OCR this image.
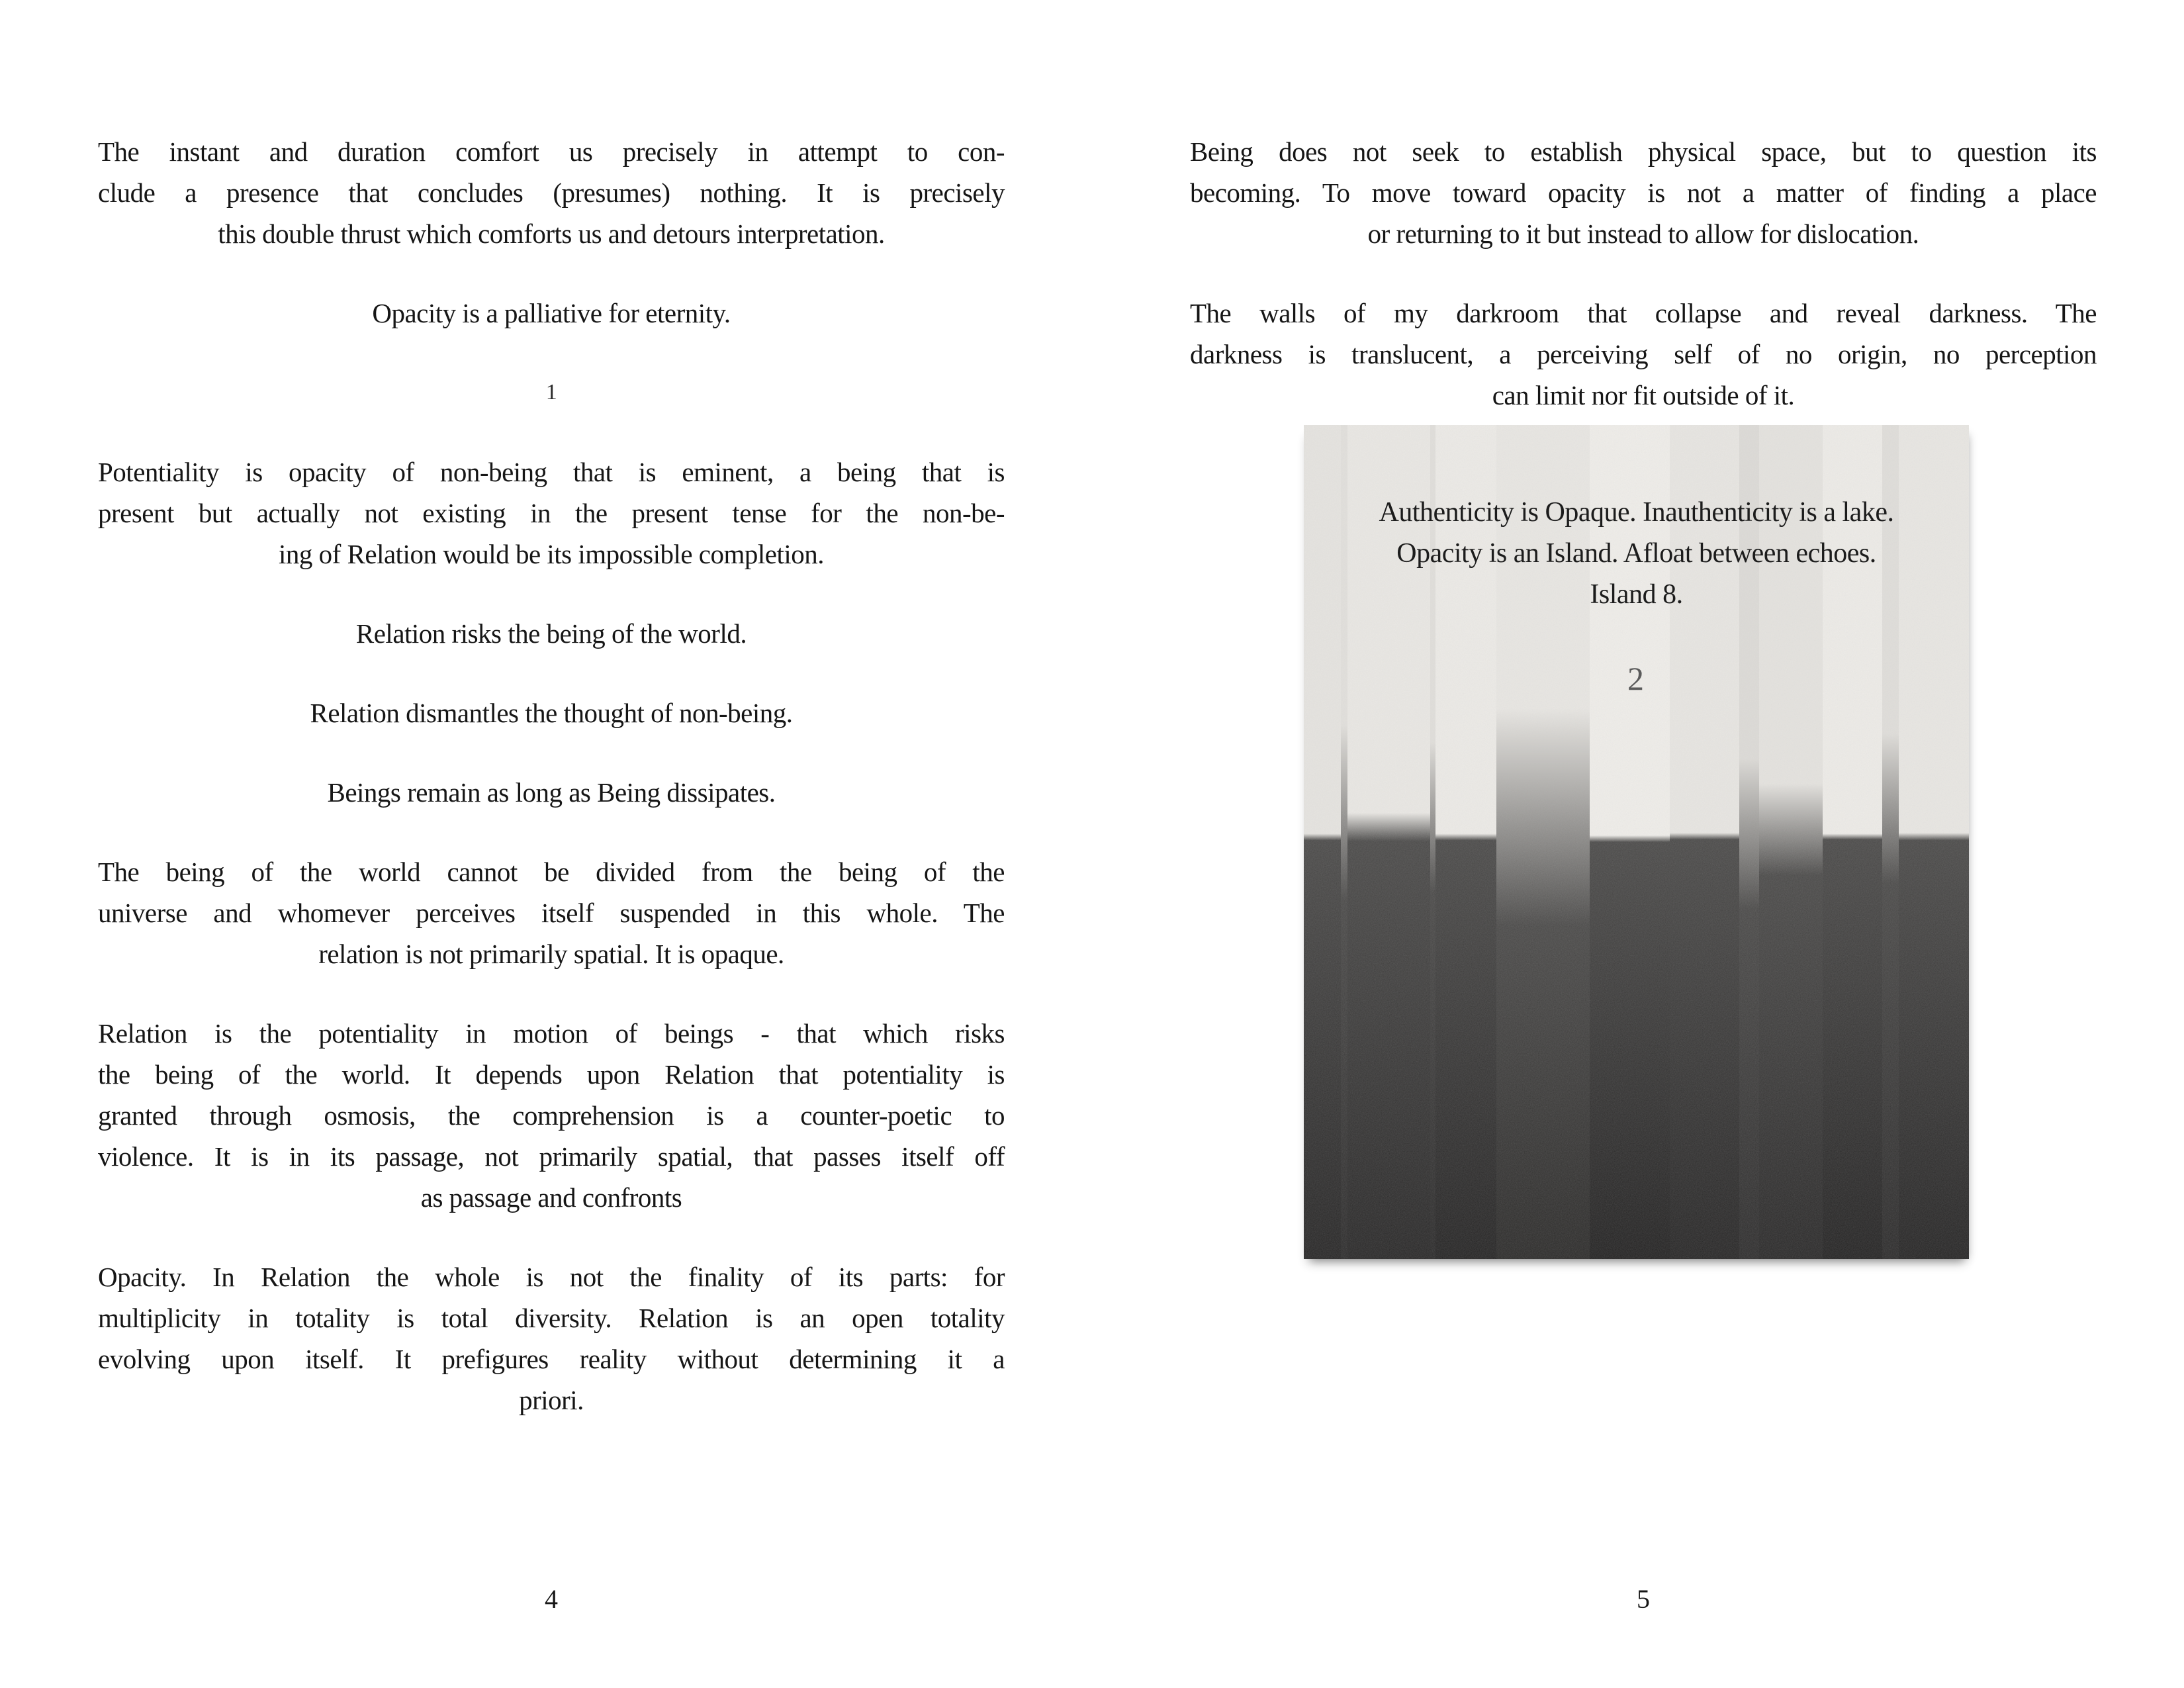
The instant and duration comfort us precisely in attempt to con-
clude a presence that concludes (presumes) nothing. It is precisely
this double thrust which comforts us and detours interpretation.

Opacity is a palliative for eternity.

1

Potentiality is opacity of non-being that is eminent, a being that is
present but actually not existing in the present tense for the non-be-
ing of Relation would be its impossible completion.

Relation risks the being of the world.

Relation dismantles the thought of non-being.

Beings remain as long as Being dissipates.

The being of the world cannot be divided from the being of the
universe and whomever perceives itself suspended in this whole. The
relation is not primarily spatial. It is opaque.

Relation is the potentiality in motion of beings - that which risks
the being of the world. It depends upon Relation that potentiality is
granted through osmosis, the comprehension is a counter-poetic to
violence. It is in its passage, not primarily spatial, that passes itself off
as passage and confronts

Opacity. In Relation the whole is not the finality of its parts: for
multiplicity in totality is total diversity. Relation is an open totality
evolving upon itself. It prefigures reality without determining it a
priori.

4

Being does not seek to establish physical space, but to question its
becoming. To move toward opacity is not a matter of finding a place
or returning to it but instead to allow for dislocation.

The walls of my darkroom that collapse and reveal darkness. The
darkness is translucent, a perceiving self of no origin, no perception
can limit nor fit outside of it.

Authenticity is Opaque. Inauthenticity is a lake.
Opacity is an Island. Afloat between echoes.
Island 8.
2
5
